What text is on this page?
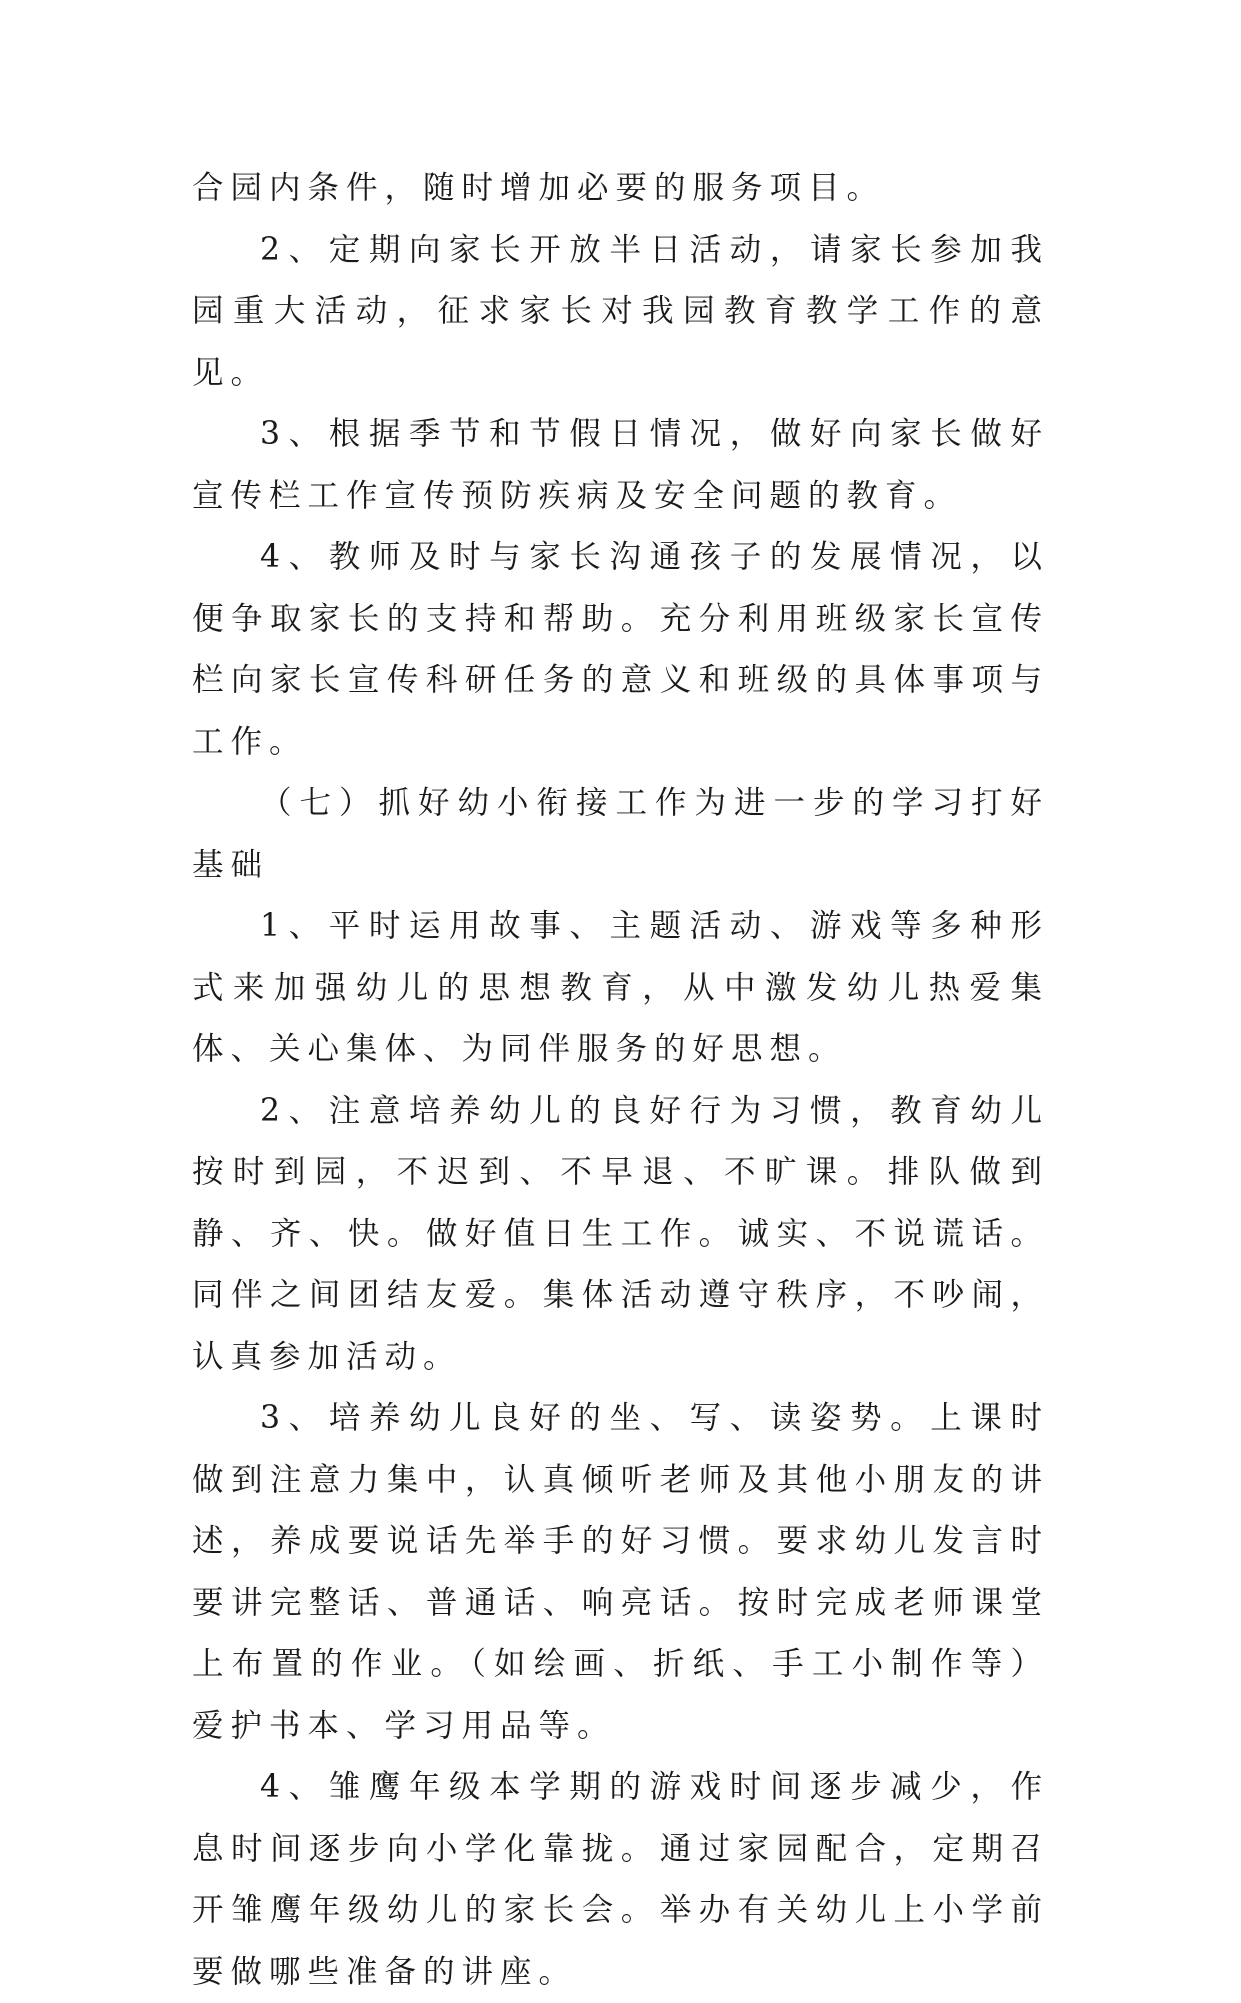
合园内条件，随时增加必要的服务项目。

2、定期向家长开放半日活动，请家长参加我园重大活动，征求家长对我园教育教学工作的意见。

3、根据季节和节假日情况，做好向家长做好宣传栏工作宣传预防疾病及安全问题的教育。

4、教师及时与家长沟通孩子的发展情况，以便争取家长的支持和帮助。充分利用班级家长宣传栏向家长宣传科研任务的意义和班级的具体事项与工作。

（七）抓好幼小衔接工作为进一步的学习打好基础

1、平时运用故事、主题活动、游戏等多种形式来加强幼儿的思想教育，从中激发幼儿热爱集体、关心集体、为同伴服务的好思想。

2、注意培养幼儿的良好行为习惯，教育幼儿按时到园，不迟到、不早退、不旷课。排队做到静、齐、快。做好值日生工作。诚实、不说谎话。同伴之间团结友爱。集体活动遵守秩序，不吵闹，认真参加活动。

3、培养幼儿良好的坐、写、读姿势。上课时做到注意力集中，认真倾听老师及其他小朋友的讲述，养成要说话先举手的好习惯。要求幼儿发言时要讲完整话、普通话、响亮话。按时完成老师课堂上布置的作业。（如绘画、折纸、手工小制作等）爱护书本、学习用品等。

4、雏鹰年级本学期的游戏时间逐步减少，作息时间逐步向小学化靠拢。通过家园配合，定期召开雏鹰年级幼儿的家长会。举办有关幼儿上小学前要做哪些准备的讲座。
